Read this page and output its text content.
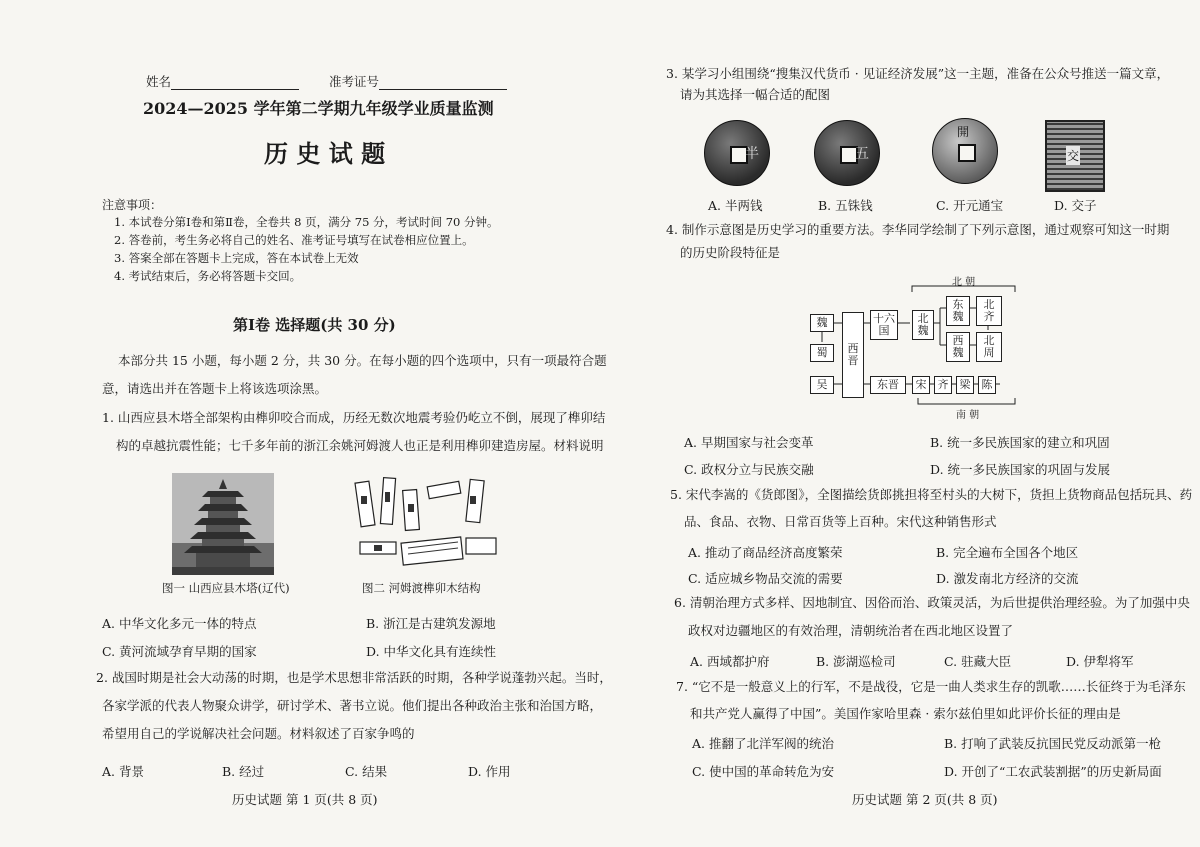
姓名	准考证号
2024—2025 学年第二学期九年级学业质量监测
历 史 试 题
注意事项：
1. 本试卷分第Ⅰ卷和第Ⅱ卷，全卷共 8 页，满分 75 分，考试时间 70 分钟。
2. 答卷前，考生务必将自己的姓名、准考证号填写在试卷相应位置上。
3. 答案全部在答题卡上完成，答在本试卷上无效
4. 考试结束后，务必将答题卡交回。
第Ⅰ卷 选择题(共 30 分)
本部分共 15 小题，每小题 2 分，共 30 分。在每小题的四个选项中，只有一项最符合题
意，请选出并在答题卡上将该选项涂黑。
1. 山西应县木塔全部架构由榫卯咬合而成，历经无数次地震考验仍屹立不倒，展现了榫卯结
构的卓越抗震性能；七千多年前的浙江余姚河姆渡人也正是利用榫卯建造房屋。材料说明
图一 山西应县木塔(辽代)	图二 河姆渡榫卯木结构
A. 中华文化多元一体的特点	B. 浙江是古建筑发源地
C. 黄河流域孕育早期的国家	D. 中华文化具有连续性
2. 战国时期是社会大动荡的时期，也是学术思想非常活跃的时期，各种学说蓬勃兴起。当时，
各家学派的代表人物聚众讲学，研讨学术、著书立说。他们提出各种政治主张和治国方略，
希望用自己的学说解决社会问题。材料叙述了百家争鸣的
A. 背景	B. 经过	C. 结果	D. 作用
历史试题 第 1 页(共 8 页)
3. 某学习小组围绕“搜集汉代货币 · 见证经济发展”这一主题，准备在公众号推送一篇文章，
请为其选择一幅合适的配图
半	五
開
交
A. 半两钱	B. 五铢钱	C. 开元通宝	D. 交子
4. 制作示意图是历史学习的重要方法。李华同学绘制了下列示意图，通过观察可知这一时期
的历史阶段特征是
北 朝
南 朝
魏
蜀
吴
西
晋
十六
国
北
魏
东
魏
北
齐
西
魏
北
周
东晋	宋	齐	梁	陈
A. 早期国家与社会变革	B. 统一多民族国家的建立和巩固
C. 政权分立与民族交融	D. 统一多民族国家的巩固与发展
5. 宋代李嵩的《货郎图》，全图描绘货郎挑担将至村头的大树下，货担上货物商品包括玩具、药
品、食品、衣物、日常百货等上百种。宋代这种销售形式
A. 推动了商品经济高度繁荣	B. 完全遍布全国各个地区
C. 适应城乡物品交流的需要	D. 激发南北方经济的交流
6. 清朝治理方式多样、因地制宜、因俗而治、政策灵活，为后世提供治理经验。为了加强中央
政权对边疆地区的有效治理，清朝统治者在西北地区设置了
A. 西域都护府	B. 澎湖巡检司	C. 驻藏大臣	D. 伊犁将军
7. “它不是一般意义上的行军，不是战役，它是一曲人类求生存的凯歌……长征终于为毛泽东
和共产党人赢得了中国”。美国作家哈里森 · 索尔兹伯里如此评价长征的理由是
A. 推翻了北洋军阀的统治	B. 打响了武装反抗国民党反动派第一枪
C. 使中国的革命转危为安	D. 开创了“工农武装割据”的历史新局面
历史试题 第 2 页(共 8 页)
